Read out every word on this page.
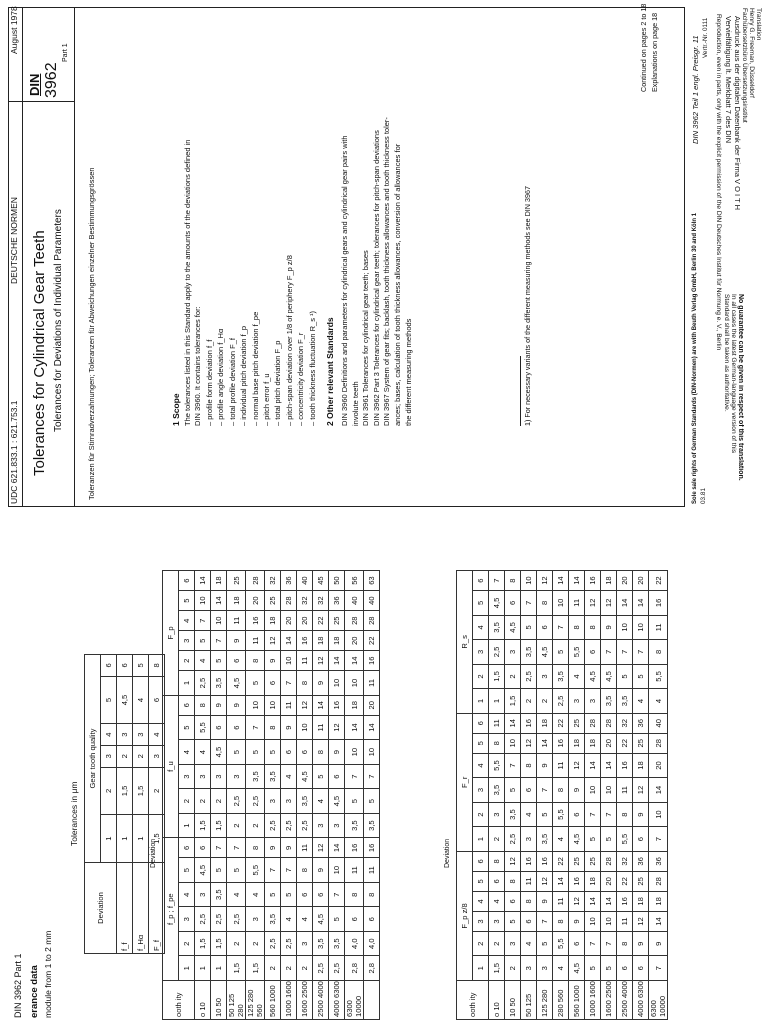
DIN 3962 Part 1 erance data module from 1 to 2 mm
Tolerances in μm
Deviation	Gear tooth quality					
	1	2	3	4	5	6
f_f	1	1,5	2	3	4,5	6
f_Hα	1	1,5	2	3	4	5
F_f	1,5	2	3	4	6	8
Deviation
ooth ity	f_p ; f_pe						f_u						F_p					
	1	2	3	4	5	6	1	2	3	4	5	6	1	2	3	4	5	6
o 10	1	1,5	2,5	3	4,5	6	1,5	2	3	4	5,5	8	2,5	4	5	7	10	14
10 50	1	1,5	2,5	3,5	5	7	1,5	2	3	4,5	6	9	3,5	5	7	10	14	18
50 125 280	1,5	2	2,5	4	5	7	2	2,5	3	5	6	9	4,5	6	9	11	18	25
125 280 560	1,5	2	3	4	5,5	8	2	2,5	3,5	5	7	10	5	8	11	16	20	28
560 1000	2	2,5	3,5	5	7	9	2,5	3	3,5	5	8	10	6	9	12	18	25	32
1000 1600	2	2,5	4	5	7	9	2,5	3	4	6	9	11	7	10	14	20	28	36
1600 2500	2	3	4	6	8	11	2,5	3,5	4,5	6	10	12	8	11	16	20	32	40
2500 4000	2,5	3,5	4,5	6	9	12	3	4	5	8	11	14	9	12	18	22	32	45
4000 6300	2,5	3,5	5	7	10	14	3	4,5	6	9	12	16	10	14	18	25	36	50
6300 10000	2,8	4,0	6	8	11	16	3,5	5	7	10	14	18	10	14	20	28	40	56
	2,8	4,0	6	8	11	16	3,5	5	7	10	14	20	11	16	22	28	40	63
Deviation
ooth ity	F_p z/8						F_r						R_s					
	1	2	3	4	5	6	1	2	3	4	5	6	1	2	3	4	5	6
o 10	1,5	2	3	4	6	8	2	3	3,5	5,5	8	11	1	1,5	2,5	3,5	4,5	7
10 50	2	3	5	6	8	12	2,5	3,5	5	7	10	14	1,5	2	3	4,5	6	8
50 125	3	4	6	8	11	16	3	4	6	8	12	16	2	2,5	3,5	5	7	10
125 280	3	5	7	9	12	16	3,5	5	7	9	14	18	2	3	4,5	6	8	12
280 560	4	5,5	8	11	14	22	4	5,5	8	11	16	22	2,5	3,5	5	7	10	14
560 1000	4,5	6	9	12	16	25	4,5	6	9	12	18	25	3	4	5,5	8	11	14
1000 1600	5	7	10	14	18	25	5	7	10	14	18	28	3	4,5	6	8	12	16
1600 2500	5	7	10	14	20	28	5	7	10	14	20	28	3,5	4,5	7	9	12	18
2500 4000	6	8	11	16	22	32	5,5	8	11	16	22	32	3,5	5	7	10	14	20
4000 6300	6	9	12	18	25	36	6	9	12	18	25	36	4	5	7	10	14	20
6300 10000	7	9	14	18	28	36	7	10	14	20	28	40	4	5,5	8	11	16	22
No guarantee can be given in respect of this translation.
In all cases the latest German-language version of this
Standard shall be taken as authoritative.
Reproduction, even in parts, only with the explicit permission of the DIN Deutsches Institut für Normung e. V., Berlin Ausdruck aus der digitalen Datenbank der Firma V O I T H
Vervielfältigung lt. Merkblatt 7 des DIN	Translation
Henry G. Freeman, Düsseldorf
Fachübersetzbüro Übersetzungsinstitut
UDC 621.833.1 : 621.753.1
DEUTSCHE NORMEN
August 1978
Tolerances for Cylindrical Gear Teeth Tolerances for Deviations of Individual Parameters
DIN 3962
Part 1
Toleranzen für Stirnradverzahnungen; Toleranzen für Abweichungen einzelner Bestimmungsgrössen	1 Scope The tolerances listed in this Standard apply to the amounts of the deviations defined in DIN 3960. It contains tolerances for: – profile form deviation f_f – profile angle deviation f_Hα – total profile deviation F_f – individual pitch deviation f_p – normal base pitch deviation f_pe – pitch error f_u – total pitch deviation F_p – pitch-span deviation over 1/8 of periphery F_p z/8 – concentricity deviation F_r – tooth thickness fluctuation R_s ¹) 2 Other relevant Standards DIN 3960 Definitions and parameters for cylindrical gears and cylindrical gear pairs with involute teeth DIN 3961 Tolerances for cylindrical gear teeth; bases DIN 3962 Part 3 Tolerances for cylindrical gear teeth; tolerances for pitch-span deviations DIN 3967 System of gear fits; backlash, tooth thickness allowances and tooth thickness toler- ances; bases, calculation of tooth thickness allowances, conversion of allowances for the different measuring methods	1) For necessary variants of the different measuring methods see DIN 3967
Continued on pages 2 to 18 Explanations on page 18
Sole sale rights of German Standards (DIN-Normen) are with Beuth Verlag GmbH, Berlin 30 and Köln 1 03.81
DIN 3962 Teil 1 engl. Preisgr. 11 Vertr.-Nr. 0111
